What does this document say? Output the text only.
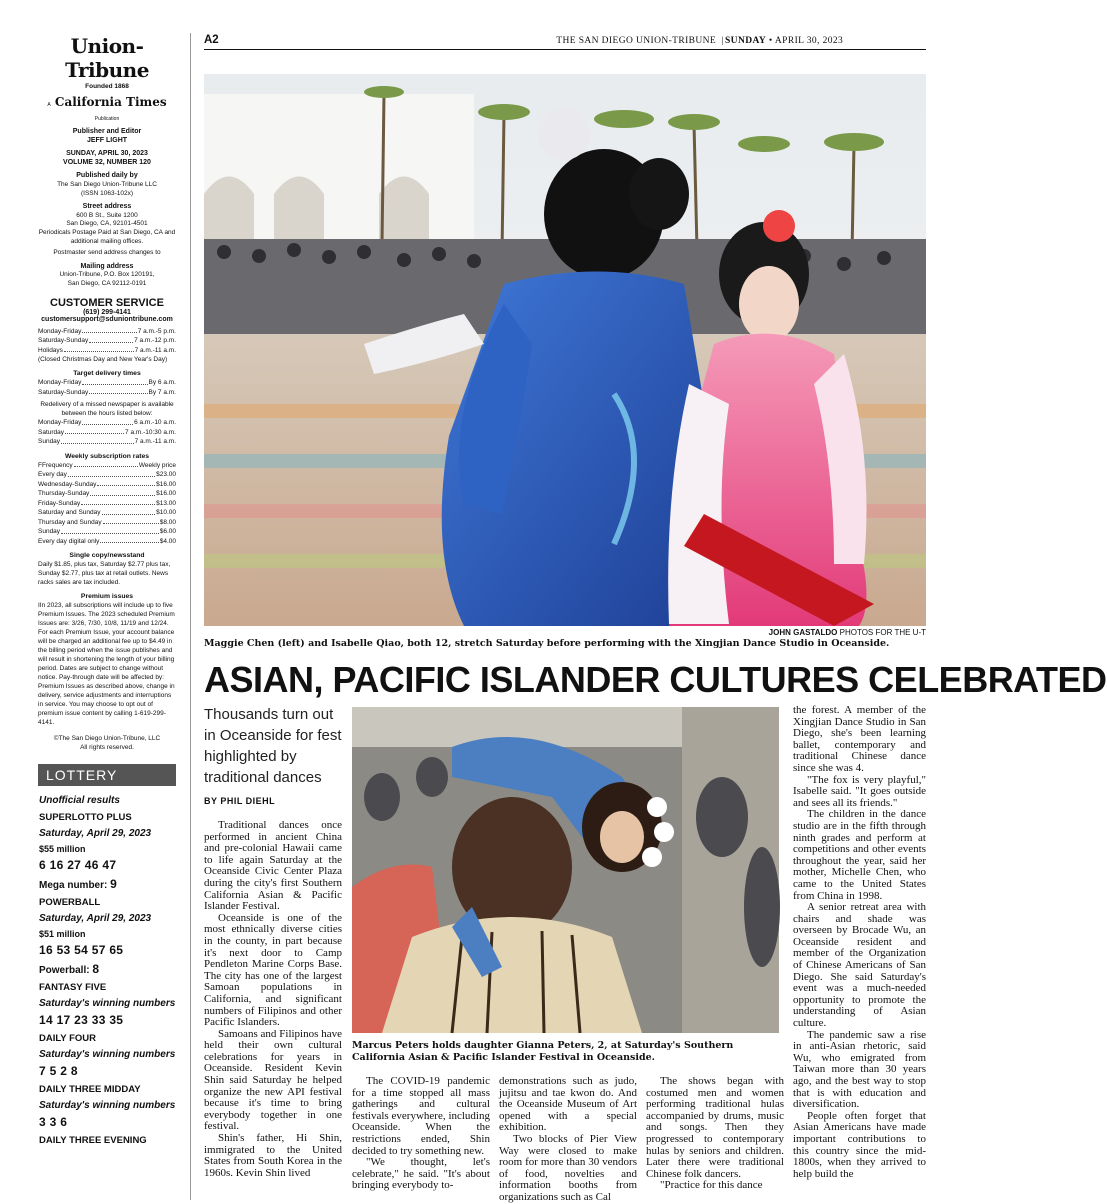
Union-Tribune
Founded 1868
A California Times Publication
Publisher and Editor
JEFF LIGHT
SUNDAY, APRIL 30, 2023
VOLUME 32, NUMBER 120
Published daily by
The San Diego Union-Tribune LLC
(ISSN 1063-102x)
Street address
600 B St., Suite 1200
San Diego, CA, 92101-4501
Periodicals Postage Paid at San Diego, CA and additional mailing offices.
Postmaster send address changes to
Mailing address
Union-Tribune, P.O. Box 120191,
San Diego, CA 92112-0191
CUSTOMER SERVICE
(619) 299-4141
customersupport@sduniontribune.com
Monday-Friday	7 a.m.-5 p.m.
Saturday-Sunday	7 a.m.-12 p.m.
Holidays	7 a.m.-11 a.m.
(Closed Christmas Day and New Year's Day)
Target delivery times
Monday-Friday	By 6 a.m.
Saturday-Sunday	By 7 a.m.
Redelivery of a missed newspaper is available between the hours listed below:
Monday-Friday	6 a.m.-10 a.m.
Saturday	7 a.m.-10:30 a.m.
Sunday	7 a.m.-11 a.m.
Weekly subscription rates
FFrequency	Weekly price
Every day	$23.00
Wednesday-Sunday	$16.00
Thursday-Sunday	$16.00
Friday-Sunday	$13.00
Saturday and Sunday	$10.00
Thursday and Sunday	$8.00
Sunday	$6.00
Every day digital only	$4.00
Single copy/newsstand
Daily $1.85, plus tax, Saturday $2.77 plus tax, Sunday $2.77, plus tax at retail outlets. News racks sales are tax included.
Premium issues
IIn 2023, all subscriptions will include up to five Premium Issues. The 2023 scheduled Premium Issues are: 3/26, 7/30, 10/8, 11/19 and 12/24. For each Premium Issue, your account balance will be charged an additional fee up to $4.49 in the billing period when the issue publishes and will result in shortening the length of your billing period. Dates are subject to change without notice. Pay-through date will be affected by: Premium Issues as described above, change in delivery, service adjustments and interruptions in service. You may choose to opt out of premium issue content by calling 1-619-299-4141.
©The San Diego Union-Tribune, LLC
All rights reserved.
LOTTERY
Unofficial results
SUPERLOTTO PLUS
Saturday, April 29, 2023
$55 million
6 16 27 46 47
Mega number: 9
POWERBALL
Saturday, April 29, 2023
$51 million
16 53 54 57 65
Powerball: 8
FANTASY FIVE
Saturday's winning numbers
14 17 23 33 35
DAILY FOUR
Saturday's winning numbers
7 5 2 8
DAILY THREE MIDDAY
Saturday's winning numbers
3 3 6
DAILY THREE EVENING
A2	THE SAN DIEGO UNION-TRIBUNE  | SUNDAY • APRIL 30, 2023
JOHN GASTALDO PHOTOS FOR THE U-T
Maggie Chen (left) and Isabelle Qiao, both 12, stretch Saturday before performing with the Xingjian Dance Studio in Oceanside.
ASIAN, PACIFIC ISLANDER CULTURES CELEBRATED
Thousands turn out in Oceanside for fest highlighted by traditional dances
BY PHIL DIEHL

Traditional dances once performed in ancient China and pre-colonial Hawaii came to life again Saturday at the Oceanside Civic Center Plaza during the city's first Southern California Asian & Pacific Islander Festival.

Oceanside is one of the most ethnically diverse cities in the county, in part because it's next door to Camp Pendleton Marine Corps Base. The city has one of the largest Samoan populations in California, and significant numbers of Filipinos and other Pacific Islanders.

Samoans and Filipinos have held their own cultural celebrations for years in Oceanside. Resident Kevin Shin said Saturday he helped organize the new API festival because it's time to bring everybody together in one festival.

Shin's father, Hi Shin, immigrated to the United States from South Korea in the 1960s. Kevin Shin lived

Marcus Peters holds daughter Gianna Peters, 2, at Saturday's Southern California Asian & Pacific Islander Festival in Oceanside.

The COVID-19 pandemic for a time stopped all mass gatherings and cultural festivals everywhere, including Oceanside. When the restrictions ended, Shin decided to try something new.

"We thought, let's celebrate," he said. "It's about bringing everybody to-

demonstrations such as judo, jujitsu and tae kwon do. And the Oceanside Museum of Art opened with a special exhibition.

Two blocks of Pier View Way were closed to make room for more than 30 vendors of food, novelties and information booths from organizations such as Cal

The shows began with costumed men and women performing traditional hulas accompanied by drums, music and songs. Then they progressed to contemporary hulas by seniors and children. Later there were traditional Chinese folk dancers.

"Practice for this dance

the forest. A member of the Xingjian Dance Studio in San Diego, she's been learning ballet, contemporary and traditional Chinese dance since she was 4.

"The fox is very playful," Isabelle said. "It goes outside and sees all its friends."

The children in the dance studio are in the fifth through ninth grades and perform at competitions and other events throughout the year, said her mother, Michelle Chen, who came to the United States from China in 1998.

A senior retreat area with chairs and shade was overseen by Brocade Wu, an Oceanside resident and member of the Organization of Chinese Americans of San Diego. She said Saturday's event was a much-needed opportunity to promote the understanding of Asian culture.

The pandemic saw a rise in anti-Asian rhetoric, said Wu, who emigrated from Taiwan more than 30 years ago, and the best way to stop that is with education and diversification.

People often forget that Asian Americans have made important contributions to this country since the mid-1800s, when they arrived to help build the
